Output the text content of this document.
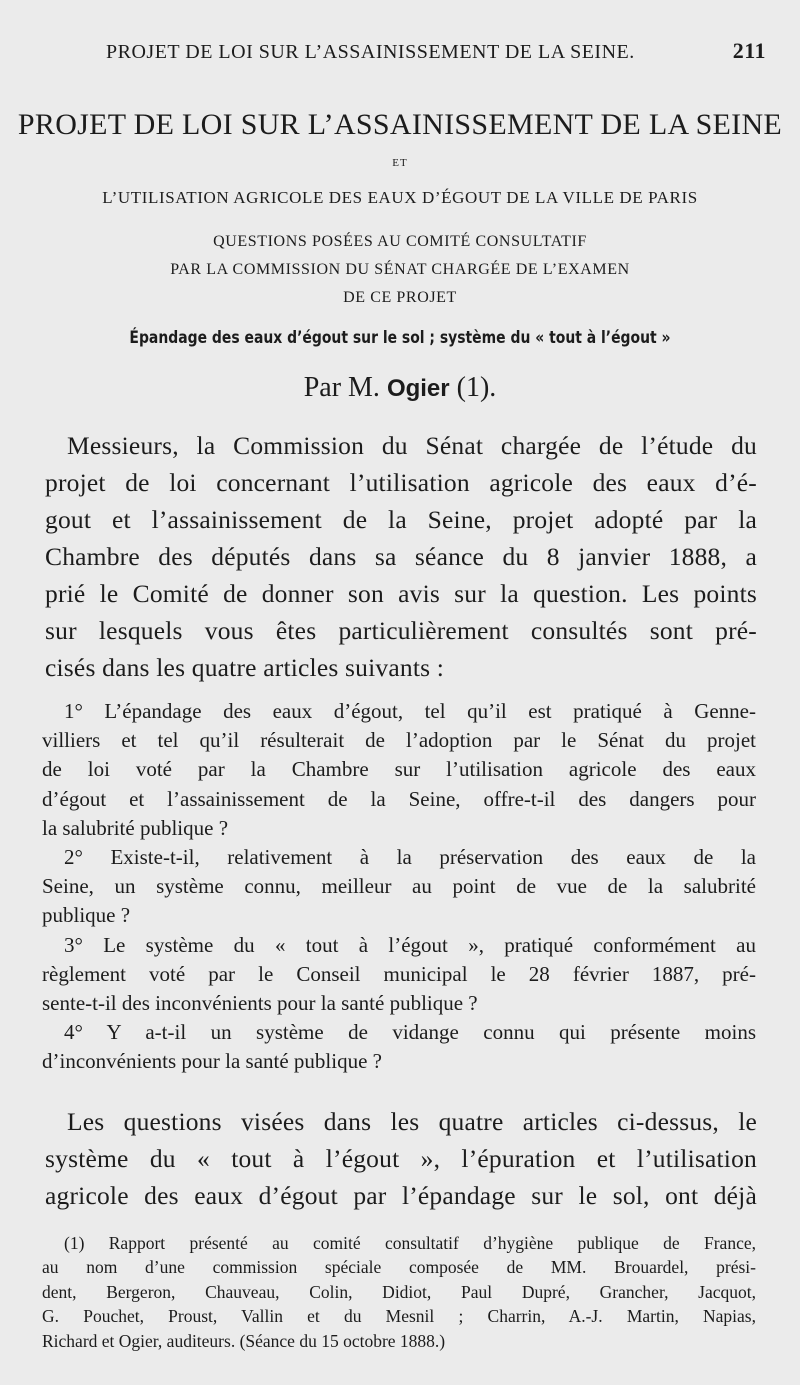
PROJET DE LOI SUR L’ASSAINISSEMENT DE LA SEINE.	211
PROJET DE LOI SUR L’ASSAINISSEMENT DE LA SEINE
ET
L’UTILISATION AGRICOLE DES EAUX D’ÉGOUT DE LA VILLE DE PARIS
QUESTIONS POSÉES AU COMITÉ CONSULTATIF
PAR LA COMMISSION DU SÉNAT CHARGÉE DE L’EXAMEN
DE CE PROJET
Épandage des eaux d’égout sur le sol ; système du « tout à l’égout »
Par M. Ogier (1).
Messieurs, la Commission du Sénat chargée de l’étude du
projet de loi concernant l’utilisation agricole des eaux d’é-
gout et l’assainissement de la Seine, projet adopté par la
Chambre des députés dans sa séance du 8 janvier 1888, a
prié le Comité de donner son avis sur la question. Les points
sur lesquels vous êtes particulièrement consultés sont pré-
cisés dans les quatre articles suivants :
1° L’épandage des eaux d’égout, tel qu’il est pratiqué à Genne-
villiers et tel qu’il résulterait de l’adoption par le Sénat du projet
de loi voté par la Chambre sur l’utilisation agricole des eaux
d’égout et l’assainissement de la Seine, offre-t-il des dangers pour
la salubrité publique ?
2° Existe-t-il, relativement à la préservation des eaux de la
Seine, un système connu, meilleur au point de vue de la salubrité
publique ?
3° Le système du « tout à l’égout », pratiqué conformément au
règlement voté par le Conseil municipal le 28 février 1887, pré-
sente-t-il des inconvénients pour la santé publique ?
4° Y a-t-il un système de vidange connu qui présente moins
d’inconvénients pour la santé publique ?
Les questions visées dans les quatre articles ci-dessus, le
système du « tout à l’égout », l’épuration et l’utilisation
agricole des eaux d’égout par l’épandage sur le sol, ont déjà
(1) Rapport présenté au comité consultatif d’hygiène publique de France,
au nom d’une commission spéciale composée de MM. Brouardel, prési-
dent, Bergeron, Chauveau, Colin, Didiot, Paul Dupré, Grancher, Jacquot,
G. Pouchet, Proust, Vallin et du Mesnil ; Charrin, A.-J. Martin, Napias,
Richard et Ogier, auditeurs. (Séance du 15 octobre 1888.)
